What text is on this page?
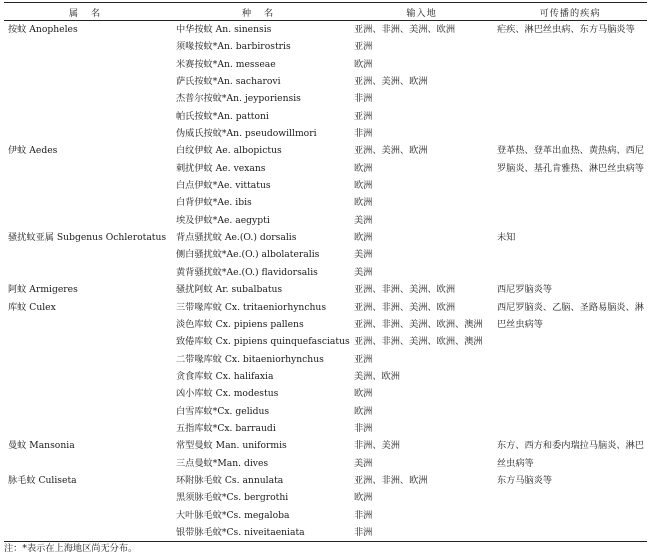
属 名	种 名	输入地	可传播的疾病
按蚊 Anopheles	中华按蚊 An. sinensis	亚洲、非洲、美洲、欧洲	疟疾、淋巴丝虫病、东方马脑炎等

	须喙按蚊*An. barbirostris	亚洲	
	米赛按蚊*An. messeae	欧洲	
	萨氏按蚊*An. sacharovi	亚洲、美洲、欧洲	
	杰普尔按蚊*An. jeyporiensis	非洲	
	帕氏按蚊*An. pattoni	亚洲	
	伪威氏按蚊*An. pseudowillmori	非洲	
伊蚊 Aedes	白纹伊蚊 Ae. albopictus	亚洲、美洲、欧洲	登革热、登革出血热、黄热病、西尼罗脑炎、基孔肯雅热、淋巴丝虫病等

	刺扰伊蚊 Ae. vexans	欧洲	
	白点伊蚊*Ae. vittatus	欧洲	
	白背伊蚊*Ae. ibis	欧洲	
	埃及伊蚊*Ae. aegypti	美洲	
骚扰蚊亚属 Subgenus Ochlerotatus	背点骚扰蚊 Ae.(O.) dorsalis	欧洲	未知

	侧白骚扰蚊*Ae.(O.) albolateralis	美洲	
	黄背骚扰蚊*Ae.(O.) flavidorsalis	美洲	
阿蚊 Armigeres	骚扰阿蚊 Ar. subalbatus	亚洲、非洲、美洲、欧洲	西尼罗脑炎等

库蚊 Culex	三带喙库蚊 Cx. tritaeniorhynchus	亚洲、非洲、美洲、欧洲	西尼罗脑炎、乙脑、圣路易脑炎、淋巴丝虫病等

	淡色库蚊 Cx. pipiens pallens	亚洲、非洲、美洲、欧洲、澳洲	
	致倦库蚊 Cx. pipiens quinquefasciatus	亚洲、非洲、美洲、欧洲、澳洲	
	二带喙库蚊 Cx. bitaeniorhynchus	亚洲	
	贪食库蚊 Cx. halifaxia	美洲、欧洲	
	凶小库蚊 Cx. modestus	欧洲	
	白雪库蚊*Cx. gelidus	欧洲	
	五指库蚊*Cx. barraudi	非洲	
曼蚊 Mansonia	常型曼蚊 Man. uniformis	非洲、美洲	东方、西方和委内瑞拉马脑炎、淋巴丝虫病等

	三点曼蚊*Man. dives	美洲	
脉毛蚊 Culiseta	环附脉毛蚊 Cs. annulata	亚洲、非洲、欧洲	东方马脑炎等

	黑须脉毛蚊*Cs. bergrothi	欧洲	
	大叶脉毛蚊*Cs. megaloba	非洲	
	银带脉毛蚊*Cs. niveitaeniata	非洲	
注：*表示在上海地区尚无分布。
